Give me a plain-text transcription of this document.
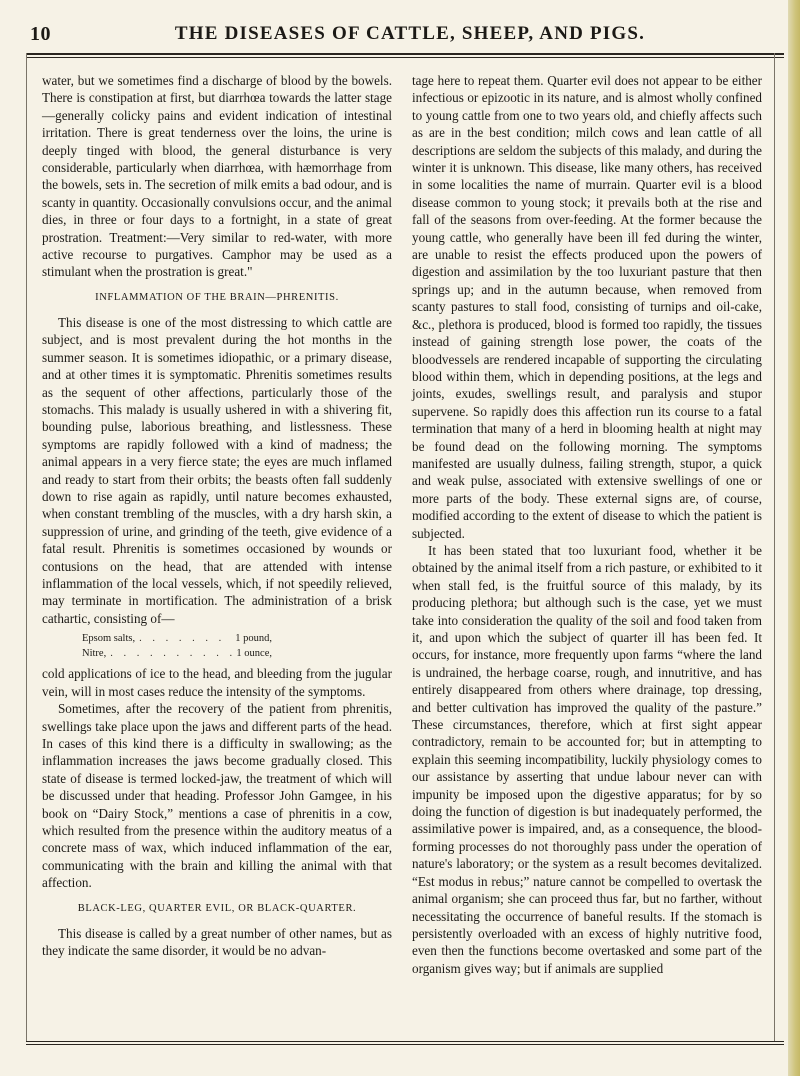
10	THE DISEASES OF CATTLE, SHEEP, AND PIGS.

water, but we sometimes find a discharge of blood by the bowels. There is constipation at first, but diarrhœa towards the latter stage—generally colicky pains and evident indication of intestinal irritation. There is great tenderness over the loins, the urine is deeply tinged with blood, the general disturbance is very considerable, particularly when diarrhœa, with hæmorrhage from the bowels, sets in. The secretion of milk emits a bad odour, and is scanty in quantity. Occasionally convulsions occur, and the animal dies, in three or four days to a fortnight, in a state of great prostration. Treatment:—Very similar to red-water, with more active recourse to purgatives. Camphor may be used as a stimulant when the prostration is great."

INFLAMMATION OF THE BRAIN—PHRENITIS.

This disease is one of the most distressing to which cattle are subject, and is most prevalent during the hot months in the summer season. It is sometimes idiopathic, or a primary disease, and at other times it is symptomatic. Phrenitis sometimes results as the sequent of other affections, particularly those of the stomachs. This malady is usually ushered in with a shivering fit, bounding pulse, laborious breathing, and listlessness. These symptoms are rapidly followed with a kind of madness; the animal appears in a very fierce state; the eyes are much inflamed and ready to start from their orbits; the beasts often fall suddenly down to rise again as rapidly, until nature becomes exhausted, when constant trembling of the muscles, with a dry harsh skin, a suppression of urine, and grinding of the teeth, give evidence of a fatal result. Phrenitis is sometimes occasioned by wounds or contusions on the head, that are attended with intense inflammation of the local vessels, which, if not speedily relieved, may terminate in mortification. The administration of a brisk cathartic, consisting of—

Epsom salts, . . .	1 pound,
Nitre, . . .	1 ounce,

cold applications of ice to the head, and bleeding from the jugular vein, will in most cases reduce the intensity of the symptoms.

Sometimes, after the recovery of the patient from phrenitis, swellings take place upon the jaws and different parts of the head. In cases of this kind there is a difficulty in swallowing; as the inflammation increases the jaws become gradually closed. This state of disease is termed locked-jaw, the treatment of which will be discussed under that heading. Professor John Gamgee, in his book on “Dairy Stock,” mentions a case of phrenitis in a cow, which resulted from the presence within the auditory meatus of a concrete mass of wax, which induced inflammation of the ear, communicating with the brain and killing the animal with that affection.

BLACK-LEG, QUARTER EVIL, OR BLACK-QUARTER.

This disease is called by a great number of other names, but as they indicate the same disorder, it would be no advan-

tage here to repeat them. Quarter evil does not appear to be either infectious or epizootic in its nature, and is almost wholly confined to young cattle from one to two years old, and chiefly affects such as are in the best condition; milch cows and lean cattle of all descriptions are seldom the subjects of this malady, and during the winter it is unknown. This disease, like many others, has received in some localities the name of murrain. Quarter evil is a blood disease common to young stock; it prevails both at the rise and fall of the seasons from over-feeding. At the former because the young cattle, who generally have been ill fed during the winter, are unable to resist the effects produced upon the powers of digestion and assimilation by the too luxuriant pasture that then springs up; and in the autumn because, when removed from scanty pastures to stall food, consisting of turnips and oil-cake, &c., plethora is produced, blood is formed too rapidly, the tissues instead of gaining strength lose power, the coats of the bloodvessels are rendered incapable of supporting the circulating blood within them, which in depending positions, at the legs and joints, exudes, swellings result, and paralysis and stupor supervene. So rapidly does this affection run its course to a fatal termination that many of a herd in blooming health at night may be found dead on the following morning. The symptoms manifested are usually dulness, failing strength, stupor, a quick and weak pulse, associated with extensive swellings of one or more parts of the body. These external signs are, of course, modified according to the extent of disease to which the patient is subjected.

It has been stated that too luxuriant food, whether it be obtained by the animal itself from a rich pasture, or exhibited to it when stall fed, is the fruitful source of this malady, by its producing plethora; but although such is the case, yet we must take into consideration the quality of the soil and food taken from it, and upon which the subject of quarter ill has been fed. It occurs, for instance, more frequently upon farms “where the land is undrained, the herbage coarse, rough, and innutritive, and has entirely disappeared from others where drainage, top dressing, and better cultivation has improved the quality of the pasture.” These circumstances, therefore, which at first sight appear contradictory, remain to be accounted for; but in attempting to explain this seeming incompatibility, luckily physiology comes to our assistance by asserting that undue labour never can with impunity be imposed upon the digestive apparatus; for by so doing the function of digestion is but inadequately performed, the assimilative power is impaired, and, as a consequence, the blood-forming processes do not thoroughly pass under the operation of nature's laboratory; or the system as a result becomes devitalized. “Est modus in rebus;” nature cannot be compelled to overtask the animal organism; she can proceed thus far, but no farther, without necessitating the occurrence of baneful results. If the stomach is persistently overloaded with an excess of highly nutritive food, even then the functions become overtasked and some part of the organism gives way; but if animals are supplied
